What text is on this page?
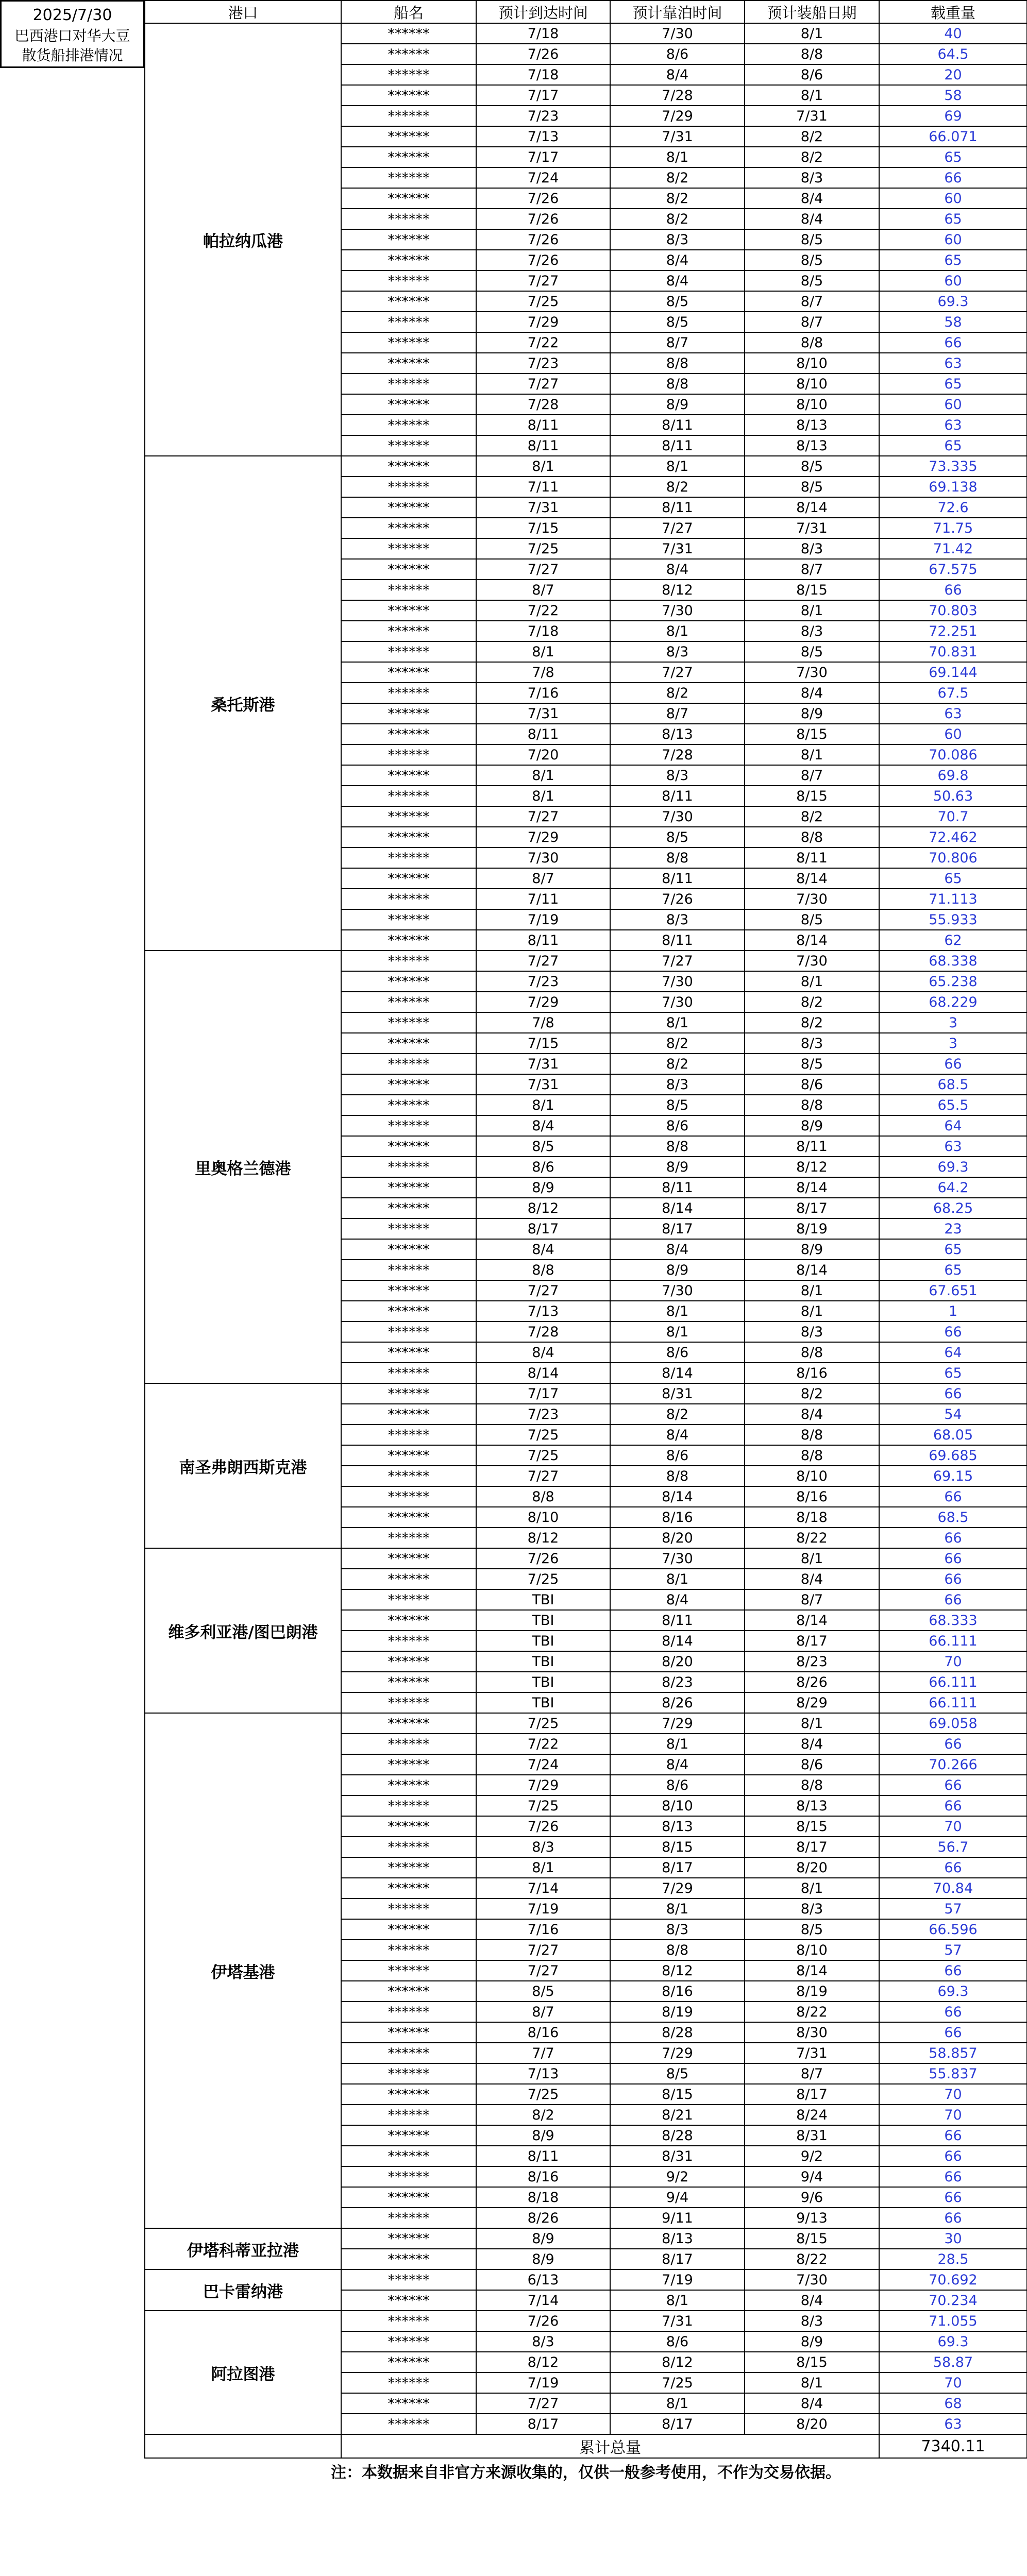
2025/7/30
巴西港口对华大豆
散货船排港情况
港口	船名	预计到达时间	预计靠泊时间	预计装船日期	载重量
帕拉纳瓜港	******	7/18	7/30	8/1	40
	******	7/26	8/6	8/8	64.5
	******	7/18	8/4	8/6	20
	******	7/17	7/28	8/1	58
	******	7/23	7/29	7/31	69
	******	7/13	7/31	8/2	66.071
	******	7/17	8/1	8/2	65
	******	7/24	8/2	8/3	66
	******	7/26	8/2	8/4	60
	******	7/26	8/2	8/4	65
	******	7/26	8/3	8/5	60
	******	7/26	8/4	8/5	65
	******	7/27	8/4	8/5	60
	******	7/25	8/5	8/7	69.3
	******	7/29	8/5	8/7	58
	******	7/22	8/7	8/8	66
	******	7/23	8/8	8/10	63
	******	7/27	8/8	8/10	65
	******	7/28	8/9	8/10	60
	******	8/11	8/11	8/13	63
	******	8/11	8/11	8/13	65
桑托斯港	******	8/1	8/1	8/5	73.335
	******	7/11	8/2	8/5	69.138
	******	7/31	8/11	8/14	72.6
	******	7/15	7/27	7/31	71.75
	******	7/25	7/31	8/3	71.42
	******	7/27	8/4	8/7	67.575
	******	8/7	8/12	8/15	66
	******	7/22	7/30	8/1	70.803
	******	7/18	8/1	8/3	72.251
	******	8/1	8/3	8/5	70.831
	******	7/8	7/27	7/30	69.144
	******	7/16	8/2	8/4	67.5
	******	7/31	8/7	8/9	63
	******	8/11	8/13	8/15	60
	******	7/20	7/28	8/1	70.086
	******	8/1	8/3	8/7	69.8
	******	8/1	8/11	8/15	50.63
	******	7/27	7/30	8/2	70.7
	******	7/29	8/5	8/8	72.462
	******	7/30	8/8	8/11	70.806
	******	8/7	8/11	8/14	65
	******	7/11	7/26	7/30	71.113
	******	7/19	8/3	8/5	55.933
	******	8/11	8/11	8/14	62
里奥格兰德港	******	7/27	7/27	7/30	68.338
	******	7/23	7/30	8/1	65.238
	******	7/29	7/30	8/2	68.229
	******	7/8	8/1	8/2	3
	******	7/15	8/2	8/3	3
	******	7/31	8/2	8/5	66
	******	7/31	8/3	8/6	68.5
	******	8/1	8/5	8/8	65.5
	******	8/4	8/6	8/9	64
	******	8/5	8/8	8/11	63
	******	8/6	8/9	8/12	69.3
	******	8/9	8/11	8/14	64.2
	******	8/12	8/14	8/17	68.25
	******	8/17	8/17	8/19	23
	******	8/4	8/4	8/9	65
	******	8/8	8/9	8/14	65
	******	7/27	7/30	8/1	67.651
	******	7/13	8/1	8/1	1
	******	7/28	8/1	8/3	66
	******	8/4	8/6	8/8	64
	******	8/14	8/14	8/16	65
南圣弗朗西斯克港	******	7/17	8/31	8/2	66
	******	7/23	8/2	8/4	54
	******	7/25	8/4	8/8	68.05
	******	7/25	8/6	8/8	69.685
	******	7/27	8/8	8/10	69.15
	******	8/8	8/14	8/16	66
	******	8/10	8/16	8/18	68.5
	******	8/12	8/20	8/22	66
维多利亚港/图巴朗港	******	7/26	7/30	8/1	66
	******	7/25	8/1	8/4	66
	******	TBI	8/4	8/7	66
	******	TBI	8/11	8/14	68.333
	******	TBI	8/14	8/17	66.111
	******	TBI	8/20	8/23	70
	******	TBI	8/23	8/26	66.111
	******	TBI	8/26	8/29	66.111
伊塔基港	******	7/25	7/29	8/1	69.058
	******	7/22	8/1	8/4	66
	******	7/24	8/4	8/6	70.266
	******	7/29	8/6	8/8	66
	******	7/25	8/10	8/13	66
	******	7/26	8/13	8/15	70
	******	8/3	8/15	8/17	56.7
	******	8/1	8/17	8/20	66
	******	7/14	7/29	8/1	70.84
	******	7/19	8/1	8/3	57
	******	7/16	8/3	8/5	66.596
	******	7/27	8/8	8/10	57
	******	7/27	8/12	8/14	66
	******	8/5	8/16	8/19	69.3
	******	8/7	8/19	8/22	66
	******	8/16	8/28	8/30	66
	******	7/7	7/29	7/31	58.857
	******	7/13	8/5	8/7	55.837
	******	7/25	8/15	8/17	70
	******	8/2	8/21	8/24	70
	******	8/9	8/28	8/31	66
	******	8/11	8/31	9/2	66
	******	8/16	9/2	9/4	66
	******	8/18	9/4	9/6	66
	******	8/26	9/11	9/13	66
伊塔科蒂亚拉港	******	8/9	8/13	8/15	30
	******	8/9	8/17	8/22	28.5
巴卡雷纳港	******	6/13	7/19	7/30	70.692
	******	7/14	8/1	8/4	70.234
阿拉图港	******	7/26	7/31	8/3	71.055
	******	8/3	8/6	8/9	69.3
	******	8/12	8/12	8/15	58.87
	******	7/19	7/25	8/1	70
	******	7/27	8/1	8/4	68
	******	8/17	8/17	8/20	63
	累计总量				7340.11
注：本数据来自非官方来源收集的，仅供一般参考使用，不作为交易依据。					
